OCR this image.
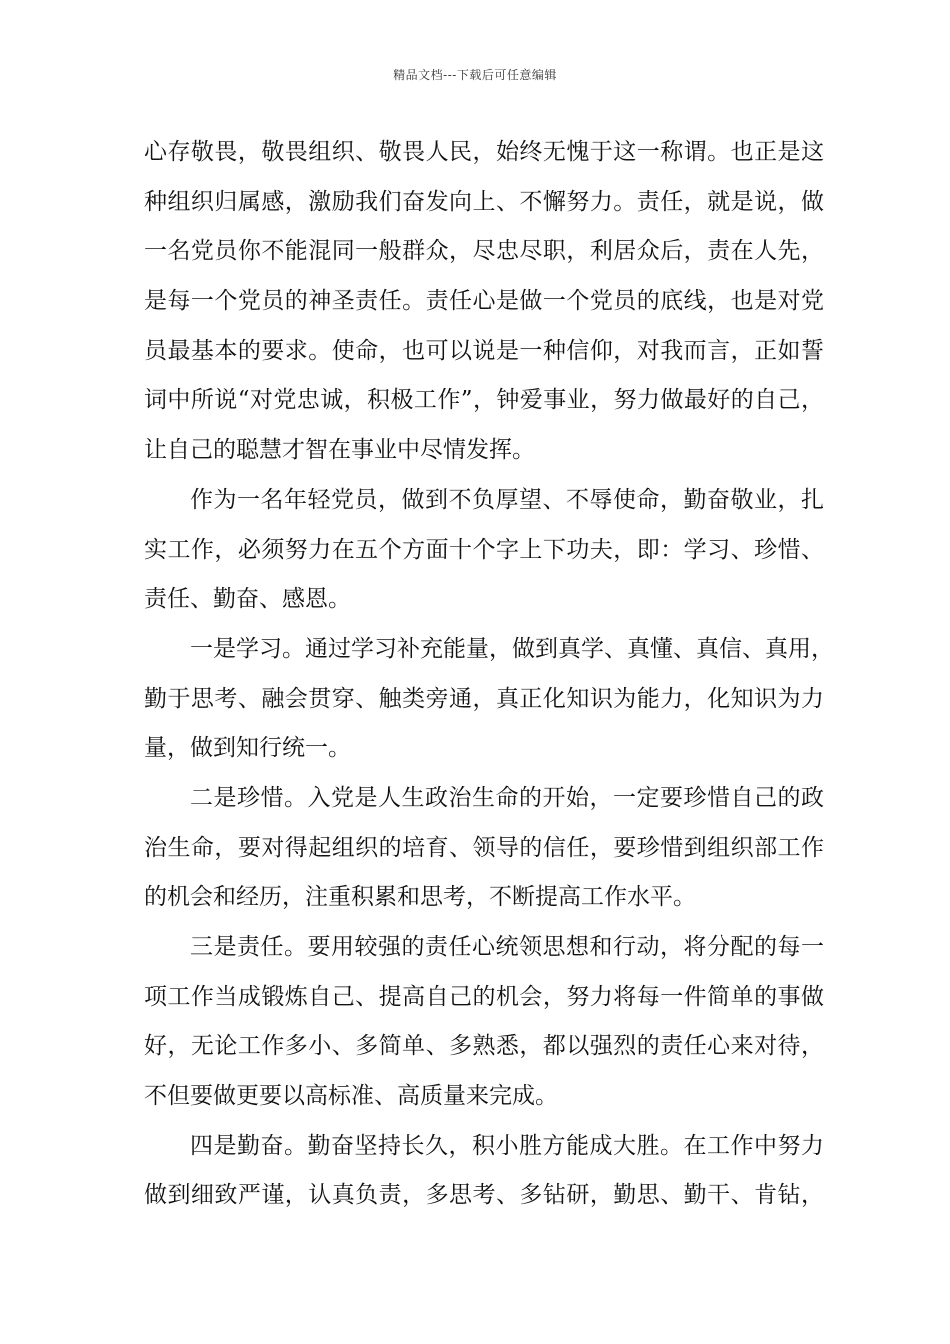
精品文档---下载后可任意编辑
心存敬畏，敬畏组织、敬畏人民，始终无愧于这一称谓。也正是这
种组织归属感，激励我们奋发向上、不懈努力。责任，就是说，做
一名党员你不能混同一般群众，尽忠尽职，利居众后，责在人先，
是每一个党员的神圣责任。责任心是做一个党员的底线，也是对党
员最基本的要求。使命，也可以说是一种信仰，对我而言，正如誓
词中所说“对党忠诚，积极工作”，钟爱事业，努力做最好的自己，
让自己的聪慧才智在事业中尽情发挥。
作为一名年轻党员，做到不负厚望、不辱使命，勤奋敬业，扎
实工作，必须努力在五个方面十个字上下功夫，即：学习、珍惜、
责任、勤奋、感恩。
一是学习。通过学习补充能量，做到真学、真懂、真信、真用，
勤于思考、融会贯穿、触类旁通，真正化知识为能力，化知识为力
量，做到知行统一。
二是珍惜。入党是人生政治生命的开始，一定要珍惜自己的政
治生命，要对得起组织的培育、领导的信任，要珍惜到组织部工作
的机会和经历，注重积累和思考，不断提高工作水平。
三是责任。要用较强的责任心统领思想和行动，将分配的每一
项工作当成锻炼自己、提高自己的机会，努力将每一件简单的事做
好，无论工作多小、多简单、多熟悉，都以强烈的责任心来对待，
不但要做更要以高标准、高质量来完成。
四是勤奋。勤奋坚持长久，积小胜方能成大胜。在工作中努力
做到细致严谨，认真负责，多思考、多钻研，勤思、勤干、肯钻，
